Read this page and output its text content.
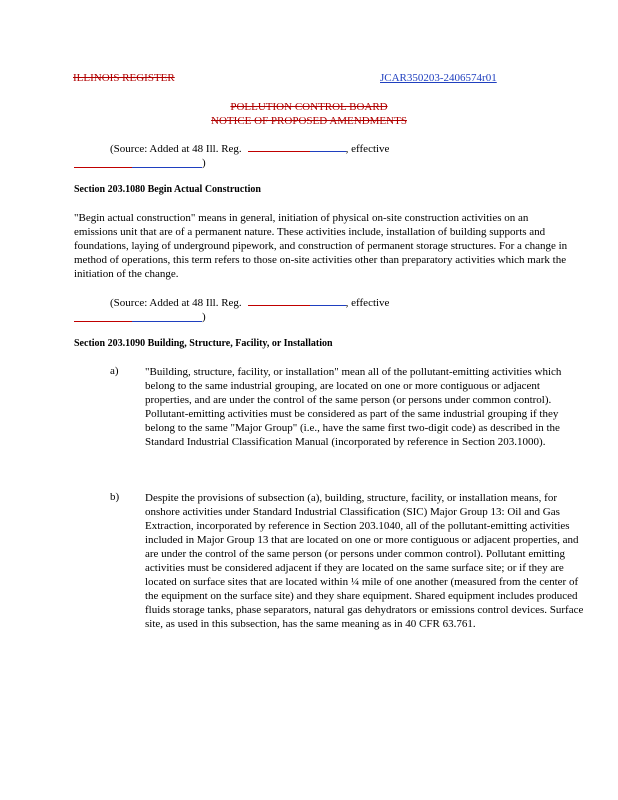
ILLINOIS REGISTER	JCAR350203-2406574r01
POLLUTION CONTROL BOARD
NOTICE OF PROPOSED AMENDMENTS
(Source: Added at 48 Ill. Reg.	, effective
)
Section 203.1080 Begin Actual Construction
"Begin actual construction" means in general, initiation of physical on-site construction activities on an emissions unit that are of a permanent nature. These activities include, installation of building supports and foundations, laying of underground pipework, and construction of permanent storage structures. For a change in method of operations, this term refers to those on-site activities other than preparatory activities which mark the initiation of the change.
(Source: Added at 48 Ill. Reg.	, effective
)
Section 203.1090 Building, Structure, Facility, or Installation
a) "Building, structure, facility, or installation" mean all of the pollutant-emitting activities which belong to the same industrial grouping, are located on one or more contiguous or adjacent properties, and are under the control of the same person (or persons under common control). Pollutant-emitting activities must be considered as part of the same industrial grouping if they belong to the same "Major Group" (i.e., have the same first two-digit code) as described in the Standard Industrial Classification Manual (incorporated by reference in Section 203.1000).
b) Despite the provisions of subsection (a), building, structure, facility, or installation means, for onshore activities under Standard Industrial Classification (SIC) Major Group 13: Oil and Gas Extraction, incorporated by reference in Section 203.1040, all of the pollutant-emitting activities included in Major Group 13 that are located on one or more contiguous or adjacent properties, and are under the control of the same person (or persons under common control). Pollutant emitting activities must be considered adjacent if they are located on the same surface site; or if they are located on surface sites that are located within ¼ mile of one another (measured from the center of the equipment on the surface site) and they share equipment. Shared equipment includes produced fluids storage tanks, phase separators, natural gas dehydrators or emissions control devices. Surface site, as used in this subsection, has the same meaning as in 40 CFR 63.761.
